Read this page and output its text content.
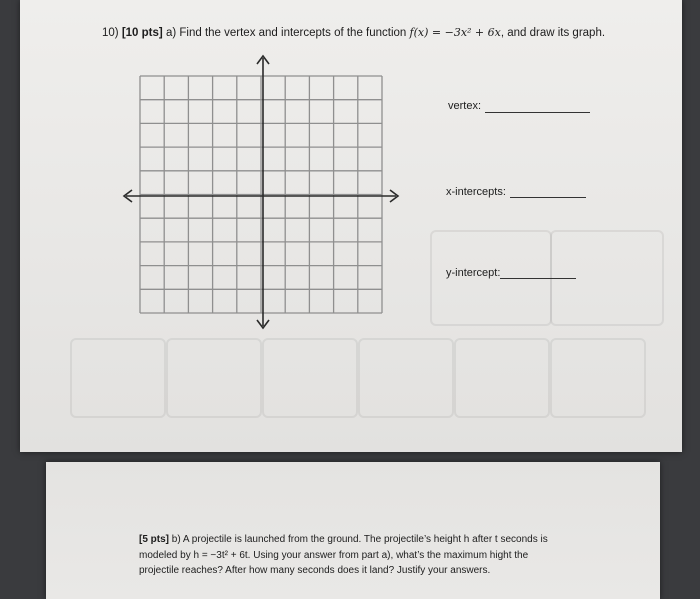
10) [10 pts] a) Find the vertex and intercepts of the function f(x) = −3x² + 6x, and draw its graph.
vertex:
x-intercepts:
y-intercept:
[5 pts] b) A projectile is launched from the ground. The projectile’s height h after t seconds is modeled by h = −3t² + 6t. Using your answer from part a), what’s the maximum hight the projectile reaches? After how many seconds does it land? Justify your answers.
